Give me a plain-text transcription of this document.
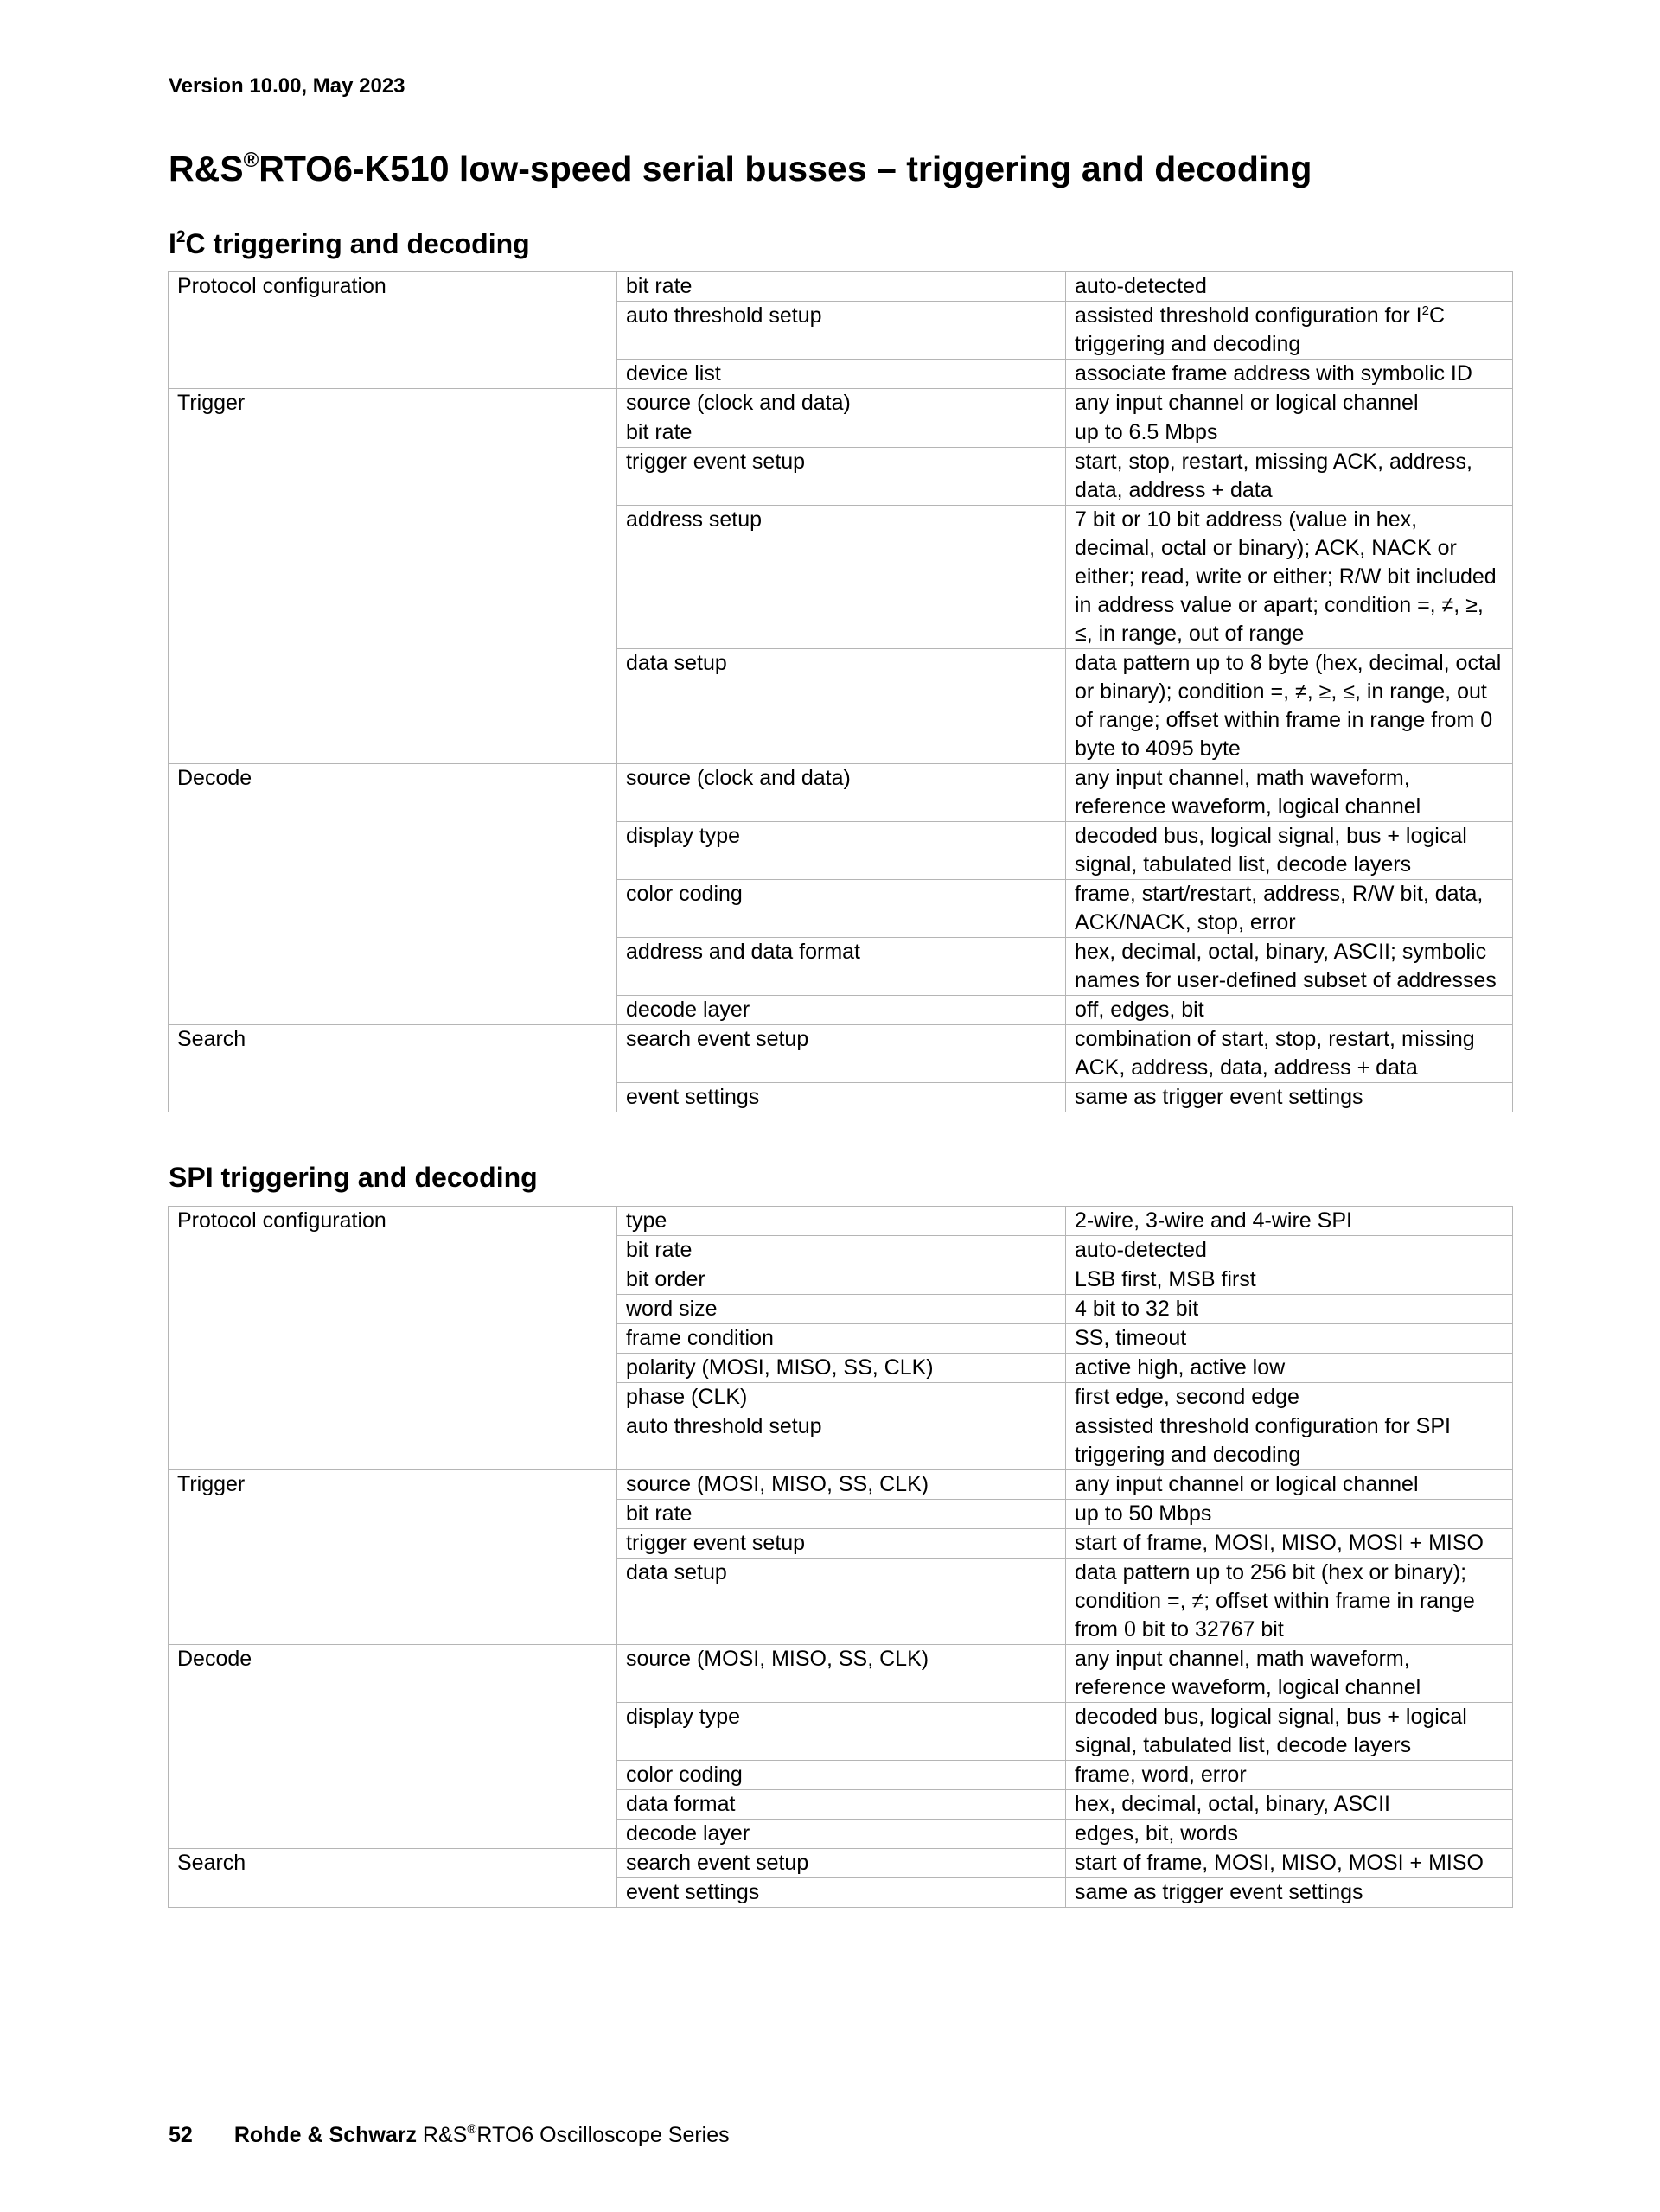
Version 10.00, May 2023
R&S®RTO6-K510 low-speed serial busses – triggering and decoding
$I^2C$ triggering and decoding
Protocol configuration	bit rate	auto-detected
	auto threshold setup	assisted threshold configuration for $I^2C$ triggering and decoding
	device list	associate frame address with symbolic ID
Trigger	source (clock and data)	any input channel or logical channel
	bit rate	up to 6.5 Mbps
	trigger event setup	start, stop, restart, missing ACK, address, data, address + data
	address setup	7 bit or 10 bit address (value in hex, decimal, octal or binary); ACK, NACK or either; read, write or either; R/W bit included in address value or apart; condition =, ≠, ≥, ≤, in range, out of range
	data setup	data pattern up to 8 byte (hex, decimal, octal or binary); condition =, ≠, ≥, ≤, in range, out of range; offset within frame in range from 0 byte to 4095 byte
Decode	source (clock and data)	any input channel, math waveform, reference waveform, logical channel
	display type	decoded bus, logical signal, bus + logical signal, tabulated list, decode layers
	color coding	frame, start/restart, address, R/W bit, data, ACK/NACK, stop, error
	address and data format	hex, decimal, octal, binary, ASCII; symbolic names for user-defined subset of addresses
	decode layer	off, edges, bit
Search	search event setup	combination of start, stop, restart, missing ACK, address, data, address + data
	event settings	same as trigger event settings
SPI triggering and decoding
Protocol configuration	type	2-wire, 3-wire and 4-wire SPI
	bit rate	auto-detected
	bit order	LSB first, MSB first
	word size	4 bit to 32 bit
	frame condition	SS, timeout
	polarity (MOSI, MISO, SS, CLK)	active high, active low
	phase (CLK)	first edge, second edge
	auto threshold setup	assisted threshold configuration for SPI triggering and decoding
Trigger	source (MOSI, MISO, SS, CLK)	any input channel or logical channel
	bit rate	up to 50 Mbps
	trigger event setup	start of frame, MOSI, MISO, MOSI + MISO
	data setup	data pattern up to 256 bit (hex or binary); condition =, ≠; offset within frame in range from 0 bit to 32767 bit
Decode	source (MOSI, MISO, SS, CLK)	any input channel, math waveform, reference waveform, logical channel
	display type	decoded bus, logical signal, bus + logical signal, tabulated list, decode layers
	color coding	frame, word, error
	data format	hex, decimal, octal, binary, ASCII
	decode layer	edges, bit, words
Search	search event setup	start of frame, MOSI, MISO, MOSI + MISO
	event settings	same as trigger event settings
52 Rohde & Schwarz R&S®RTO6 Oscilloscope Series
